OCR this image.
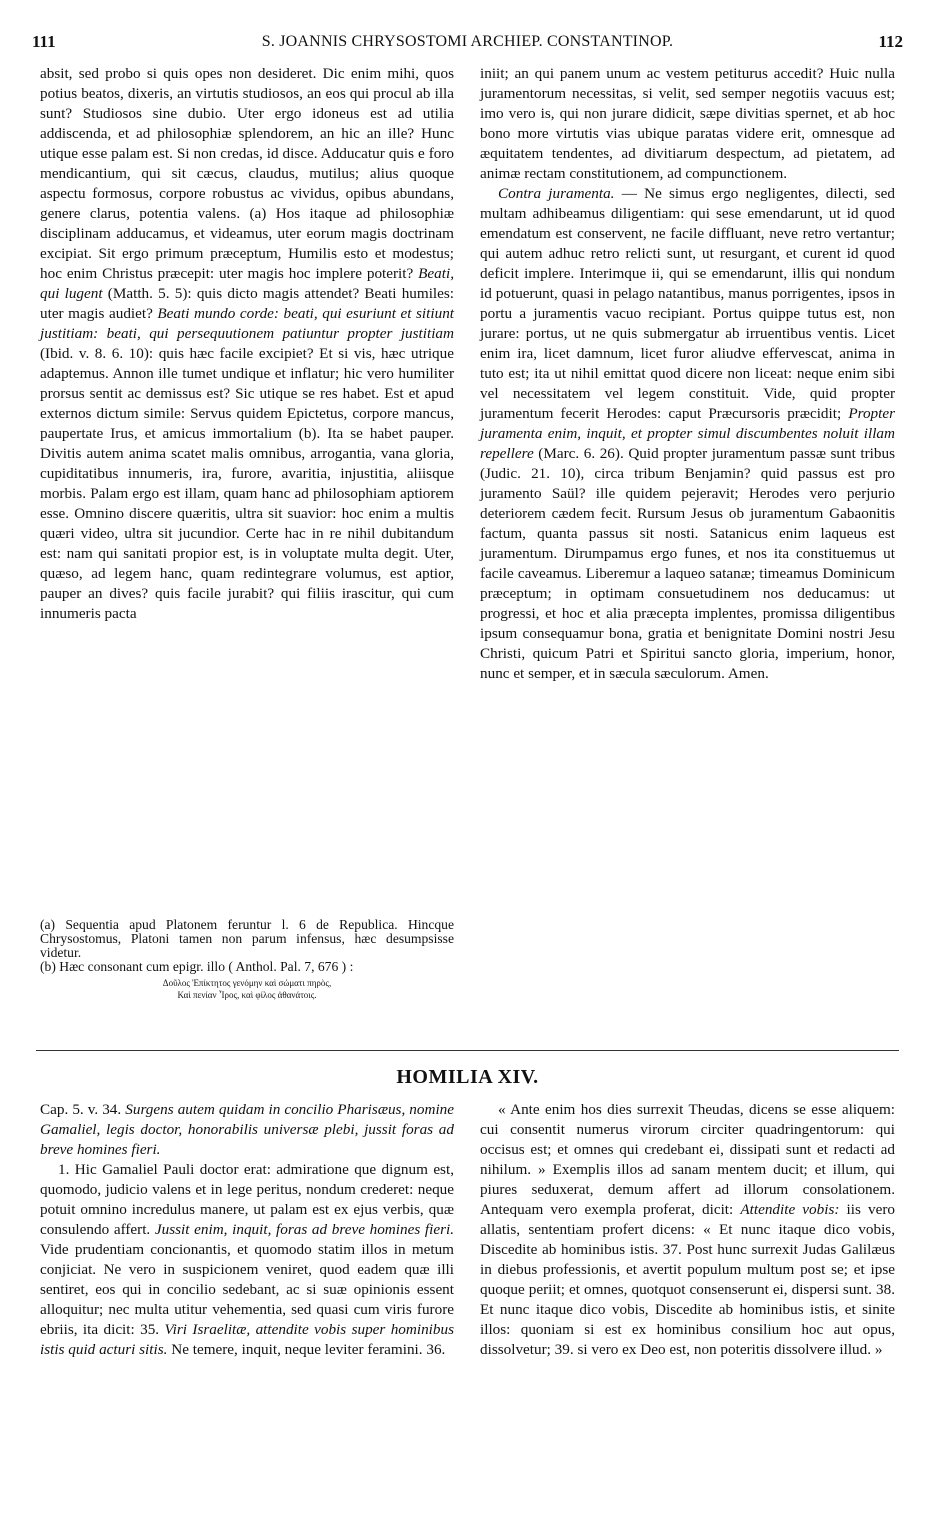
111	S. JOANNIS CHRYSOSTOMI ARCHIEP. CONSTANTINOP.	112

absit, sed probo si quis opes non desideret. Dic enim mihi, quos potius beatos, dixeris, an virtutis studiosos, an eos qui procul ab illa sunt? Studiosos sine dubio. Uter ergo idoneus est ad utilia addiscenda, et ad philosophiæ splendorem, an hic an ille? Hunc utique esse palam est. Si non credas, id disce. Adducatur quis e foro mendicantium, qui sit cæcus, claudus, mutilus; alius quoque aspectu formosus, corpore robustus ac vividus, opibus abundans, genere clarus, potentia valens. (a) Hos itaque ad philosophiæ disciplinam adducamus, et videamus, uter eorum magis doctrinam excipiat. Sit ergo primum præceptum, Humilis esto et modestus; hoc enim Christus præcepit: uter magis hoc implere poterit? Beati, qui lugent (Matth. 5. 5): quis dicto magis attendet? Beati humiles: uter magis audiet? Beati mundo corde: beati, qui esuriunt et sitiunt justitiam: beati, qui persequutionem patiuntur propter justitiam (Ibid. v. 8. 6. 10): quis hæc facile excipiet? Et si vis, hæc utrique adaptemus. Annon ille tumet undique et inflatur; hic vero humiliter prorsus sentit ac demissus est? Sic utique se res habet. Est et apud externos dictum simile: Servus quidem Epictetus, corpore mancus, paupertate Irus, et amicus immortalium (b). Ita se habet pauper. Divitis autem anima scatet malis omnibus, arrogantia, vana gloria, cupiditatibus innumeris, ira, furore, avaritia, injustitia, aliisque morbis. Palam ergo est illam, quam hanc ad philosophiam aptiorem esse. Omnino discere quæritis, ultra sit suavior: hoc enim a multis quæri video, ultra sit jucundior. Certe hac in re nihil dubitandum est: nam qui sanitati propior est, is in voluptate multa degit. Uter, quæso, ad legem hanc, quam redintegrare volumus, est aptior, pauper an dives? quis facile jurabit? qui filiis irascitur, qui cum innumeris pacta

(a) Sequentia apud Platonem feruntur l. 6 de Republica. Hincque Chrysostomus, Platoni tamen non parum infensus, hæc desumpsisse videtur.

(b) Hæc consonant cum epigr. illo ( Anthol. Pal. 7, 676 ) :

Δοῦλος Ἐπίκτητος γενόμην καὶ σώματι πηρὸς,
Καὶ πενίαν Ἶρος, καὶ φίλος ἀθανάτοις.

iniit; an qui panem unum ac vestem petiturus accedit? Huic nulla juramentorum necessitas, si velit, sed semper negotiis vacuus est; imo vero is, qui non jurare didicit, sæpe divitias spernet, et ab hoc bono more virtutis vias ubique paratas videre erit, omnesque ad æquitatem tendentes, ad divitiarum despectum, ad pietatem, ad animæ rectam constitutionem, ad compunctionem.

Contra juramenta. — Ne simus ergo negligentes, dilecti, sed multam adhibeamus diligentiam: qui sese emendarunt, ut id quod emendatum est conservent, ne facile diffluant, neve retro vertantur; qui autem adhuc retro relicti sunt, ut resurgant, et curent id quod deficit implere. Interimque ii, qui se emendarunt, illis qui nondum id potuerunt, quasi in pelago natantibus, manus porrigentes, ipsos in portu a juramentis vacuo recipiant. Portus quippe tutus est, non jurare: portus, ut ne quis submergatur ab irruentibus ventis. Licet enim ira, licet damnum, licet furor aliudve effervescat, anima in tuto est; ita ut nihil emittat quod dicere non liceat: neque enim sibi vel necessitatem vel legem constituit. Vide, quid propter juramentum fecerit Herodes: caput Præcursoris præcidit; Propter juramenta enim, inquit, et propter simul discumbentes noluit illam repellere (Marc. 6. 26). Quid propter juramentum passæ sunt tribus (Judic. 21. 10), circa tribum Benjamin? quid passus est pro juramento Saül? ille quidem pejeravit; Herodes vero perjurio deteriorem cædem fecit. Rursum Jesus ob juramentum Gabaonitis factum, quanta passus sit nosti. Satanicus enim laqueus est juramentum. Dirumpamus ergo funes, et nos ita constituemus ut facile caveamus. Liberemur a laqueo satanæ; timeamus Dominicum præceptum; in optimam consuetudinem nos deducamus: ut progressi, et hoc et alia præcepta implentes, promissa diligentibus ipsum consequamur bona, gratia et benignitate Domini nostri Jesu Christi, quicum Patri et Spiritui sancto gloria, imperium, honor, nunc et semper, et in sæcula sæculorum. Amen.

HOMILIA XIV.

Cap. 5. v. 34. Surgens autem quidam in concilio Pharisæus, nomine Gamaliel, legis doctor, honorabilis universæ plebi, jussit foras ad breve homines fieri.

1. Hic Gamaliel Pauli doctor erat: admiratione que dignum est, quomodo, judicio valens et in lege peritus, nondum crederet: neque potuit omnino incredulus manere, ut palam est ex ejus verbis, quæ consulendo affert. Jussit enim, inquit, foras ad breve homines fieri. Vide prudentiam concionantis, et quomodo statim illos in metum conjiciat. Ne vero in suspicionem veniret, quod eadem quæ illi sentiret, eos qui in concilio sedebant, ac si suæ opinionis essent alloquitur; nec multa utitur vehementia, sed quasi cum viris furore ebriis, ita dicit: 35. Viri Israelitæ, attendite vobis super hominibus istis quid acturi sitis. Ne temere, inquit, neque leviter feramini. 36.

« Ante enim hos dies surrexit Theudas, dicens se esse aliquem: cui consentit numerus virorum circiter quadringentorum: qui occisus est; et omnes qui credebant ei, dissipati sunt et redacti ad nihilum. » Exemplis illos ad sanam mentem ducit; et illum, qui piures seduxerat, demum affert ad illorum consolationem. Antequam vero exempla proferat, dicit: Attendite vobis: iis vero allatis, sententiam profert dicens: « Et nunc itaque dico vobis, Discedite ab hominibus istis. 37. Post hunc surrexit Judas Galilæus in diebus professionis, et avertit populum multum post se; et ipse quoque periit; et omnes, quotquot consenserunt ei, dispersi sunt. 38. Et nunc itaque dico vobis, Discedite ab hominibus istis, et sinite illos: quoniam si est ex hominibus consilium hoc aut opus, dissolvetur; 39. si vero ex Deo est, non poteritis dissolvere illud. »
